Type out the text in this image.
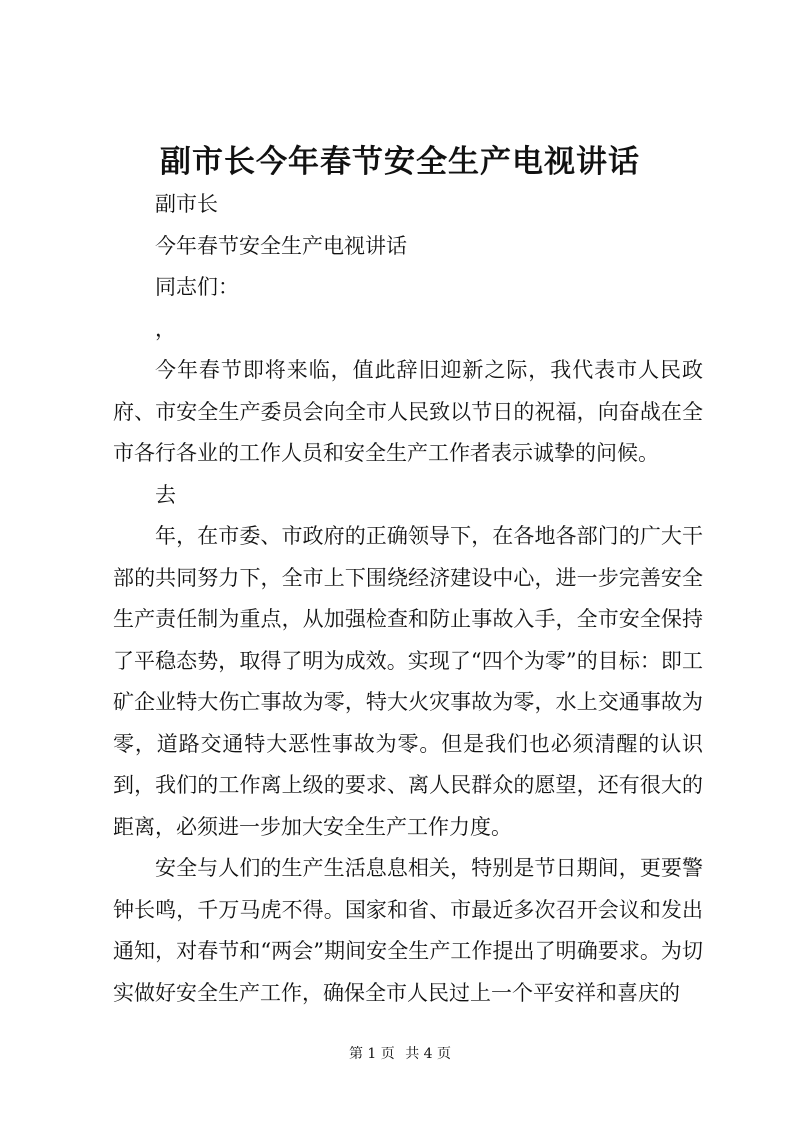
副市长今年春节安全生产电视讲话

副市长

今年春节安全生产电视讲话

同志们：

，

今年春节即将来临，值此辞旧迎新之际，我代表市人民政府、市安全生产委员会向全市人民致以节日的祝福，向奋战在全市各行各业的工作人员和安全生产工作者表示诚挚的问候。

去

年，在市委、市政府的正确领导下，在各地各部门的广大干部的共同努力下，全市上下围绕经济建设中心，进一步完善安全生产责任制为重点，从加强检查和防止事故入手，全市安全保持了平稳态势，取得了明为成效。实现了“四个为零”的目标：即工矿企业特大伤亡事故为零，特大火灾事故为零，水上交通事故为零，道路交通特大恶性事故为零。但是我们也必须清醒的认识到，我们的工作离上级的要求、离人民群众的愿望，还有很大的距离，必须进一步加大安全生产工作力度。

安全与人们的生产生活息息相关，特别是节日期间，更要警钟长鸣，千万马虎不得。国家和省、市最近多次召开会议和发出通知，对春节和“两会”期间安全生产工作提出了明确要求。为切实做好安全生产工作，确保全市人民过上一个平安祥和喜庆的

第 1 页 共 4 页
